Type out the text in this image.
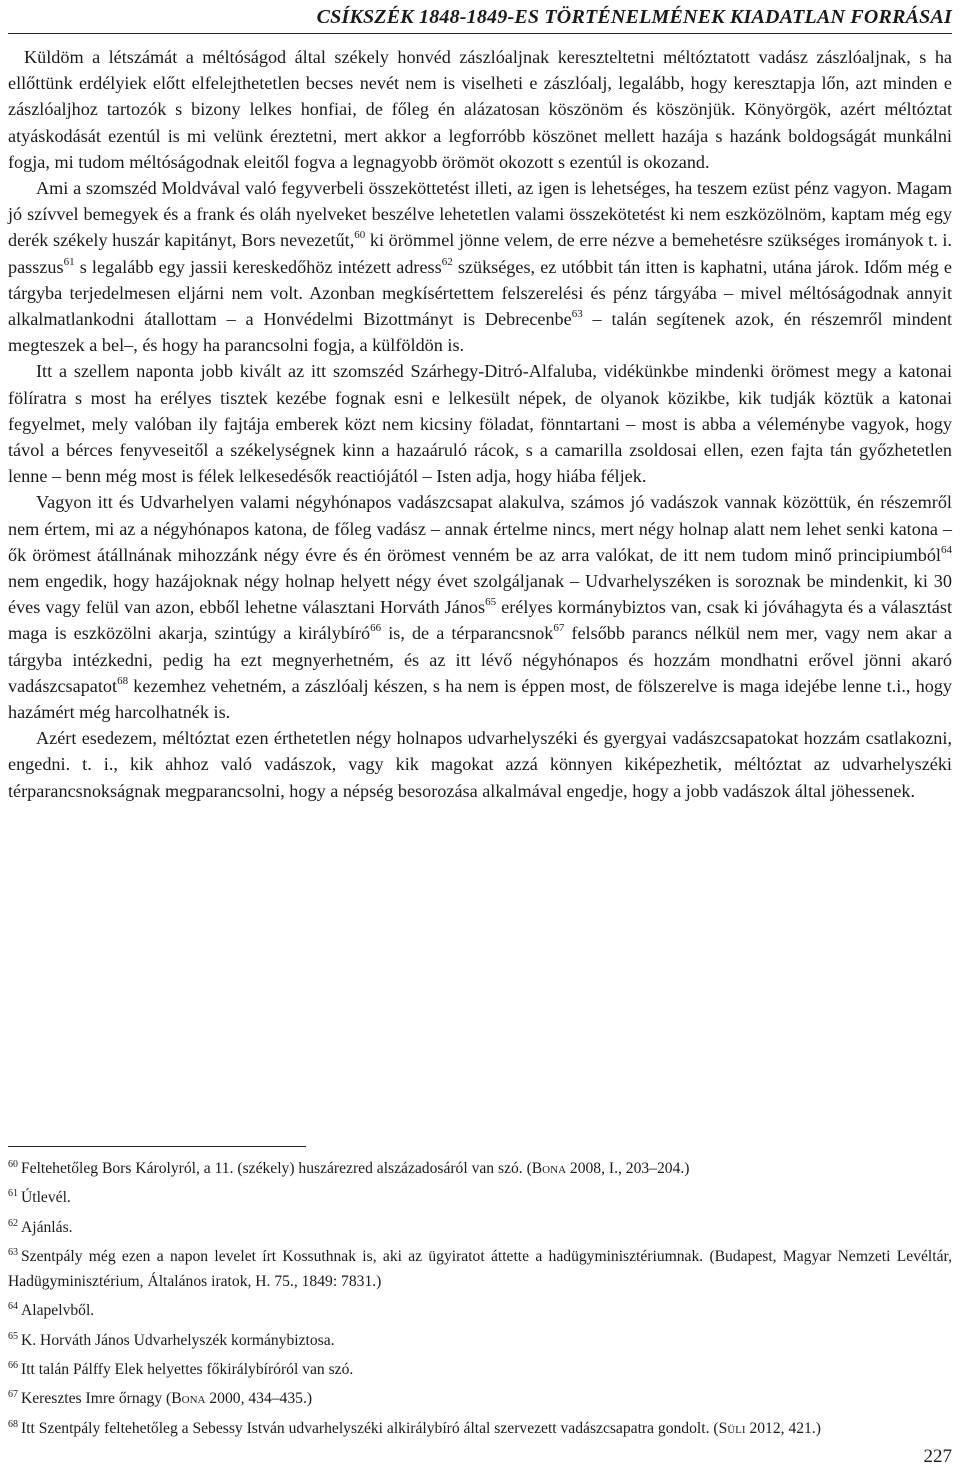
CSÍKSZÉK 1848-1849-ES TÖRTÉNELMÉNEK KIADATLAN FORRÁSAI

Küldöm a létszámát a méltóságod által székely honvéd zászlóaljnak kereszteltetni méltóztatott vadász zászlóaljnak, s ha ellőttünk erdélyiek előtt elfelejthetetlen becses nevét nem is viselheti e zászlóalj, legalább, hogy keresztapja lőn, azt minden e zászlóaljhoz tartozók s bizony lelkes honfiai, de főleg én alázatosan köszönöm és köszönjük. Könyörgök, azért méltóztat atyáskodását ezentúl is mi velünk éreztetni, mert akkor a legforróbb köszönet mellett hazája s hazánk boldogságát munkálni fogja, mi tudom méltóságodnak eleitől fogva a legnagyobb örömöt okozott s ezentúl is okozand.

Ami a szomszéd Moldvával való fegyverbeli összeköttetést illeti, az igen is lehetséges, ha teszem ezüst pénz vagyon. Magam jó szívvel bemegyek és a frank és oláh nyelveket beszélve lehetetlen valami összekötetést ki nem eszközölnöm, kaptam még egy derék székely huszár kapitányt, Bors nevezetűt,$^{60}$ ki örömmel jönne velem, de erre nézve a bemehetésre szükséges irományok t. i. passzus$^{61}$ s legalább egy jassii kereskedőhöz intézett adress$^{62}$ szükséges, ez utóbbit tán itten is kaphatni, utána járok. Időm még e tárgyba terjedelmesen eljárni nem volt. Azonban megkísértettem felszerelési és pénz tárgyába – mivel méltóságodnak annyit alkalmatlankodni átallottam – a Honvédelmi Bizottmányt is Debrecenbe$^{63}$ – talán segítenek azok, én részemről mindent megteszek a bel–, és hogy ha parancsolni fogja, a külföldön is.

Itt a szellem naponta jobb kivált az itt szomszéd Szárhegy-Ditró-Alfaluba, vidékünkbe mindenki örömest megy a katonai fölíratra s most ha erélyes tisztek kezébe fognak esni e lelkesült népek, de olyanok közikbe, kik tudják köztük a katonai fegyelmet, mely valóban ily fajtája emberek közt nem kicsiny föladat, fönntartani – most is abba a véleménybe vagyok, hogy távol a bérces fenyveseitől a székelységnek kinn a hazaáruló rácok, s a camarilla zsoldosai ellen, ezen fajta tán győzhetetlen lenne – benn még most is félek lelkesedésők reactiójától – Isten adja, hogy hiába féljek.

Vagyon itt és Udvarhelyen valami négyhónapos vadászcsapat alakulva, számos jó vadászok vannak közöttük, én részemről nem értem, mi az a négyhónapos katona, de főleg vadász – annak értelme nincs, mert négy holnap alatt nem lehet senki katona – ők örömest átállnának mihozzánk négy évre és én örömest venném be az arra valókat, de itt nem tudom minő principiumból$^{64}$ nem engedik, hogy hazájoknak négy holnap helyett négy évet szolgáljanak – Udvarhelyszéken is soroznak be mindenkit, ki 30 éves vagy felül van azon, ebből lehetne választani Horváth János$^{65}$ erélyes kormánybiztos van, csak ki jóváhagyta és a választást maga is eszközölni akarja, szintúgy a királybíró$^{66}$ is, de a térparancsnok$^{67}$ felsőbb parancs nélkül nem mer, vagy nem akar a tárgyba intézkedni, pedig ha ezt megnyerhetném, és az itt lévő négyhónapos és hozzám mondhatni erővel jönni akaró vadászcsapatot$^{68}$ kezemhez vehetném, a zászlóalj készen, s ha nem is éppen most, de fölszerelve is maga idejébe lenne t.i., hogy hazámért még harcolhatnék is.

Azért esedezem, méltóztat ezen érthetetlen négy holnapos udvarhelyszéki és gyergyai vadászcsapatokat hozzám csatlakozni, engedni. t. i., kik ahhoz való vadászok, vagy kik magokat azzá könnyen kiképezhetik, méltóztat az udvarhelyszéki térparancsnokságnak megparancsolni, hogy a népség besorozása alkalmával engedje, hogy a jobb vadászok által jöhessenek.

$^{60}$ Feltehetőleg Bors Károlyról, a 11. (székely) huszárezred alszázadosáról van szó. (Bona 2008, I., 203–204.)

$^{61}$ Útlevél.

$^{62}$ Ajánlás.

$^{63}$ Szentpály még ezen a napon levelet írt Kossuthnak is, aki az ügyiratot áttette a hadügyminisztériumnak. (Budapest, Magyar Nemzeti Levéltár, Hadügyminisztérium, Általános iratok, H. 75., 1849: 7831.)

$^{64}$ Alapelvből.

$^{65}$ K. Horváth János Udvarhelyszék kormánybiztosa.

$^{66}$ Itt talán Pálffy Elek helyettes főkirálybíróról van szó.

$^{67}$ Keresztes Imre őrnagy (Bona 2000, 434–435.)

$^{68}$ Itt Szentpály feltehetőleg a Sebessy István udvarhelyszéki alkirálybíró által szervezett vadászcsapatra gondolt. (Süli 2012, 421.)

227
